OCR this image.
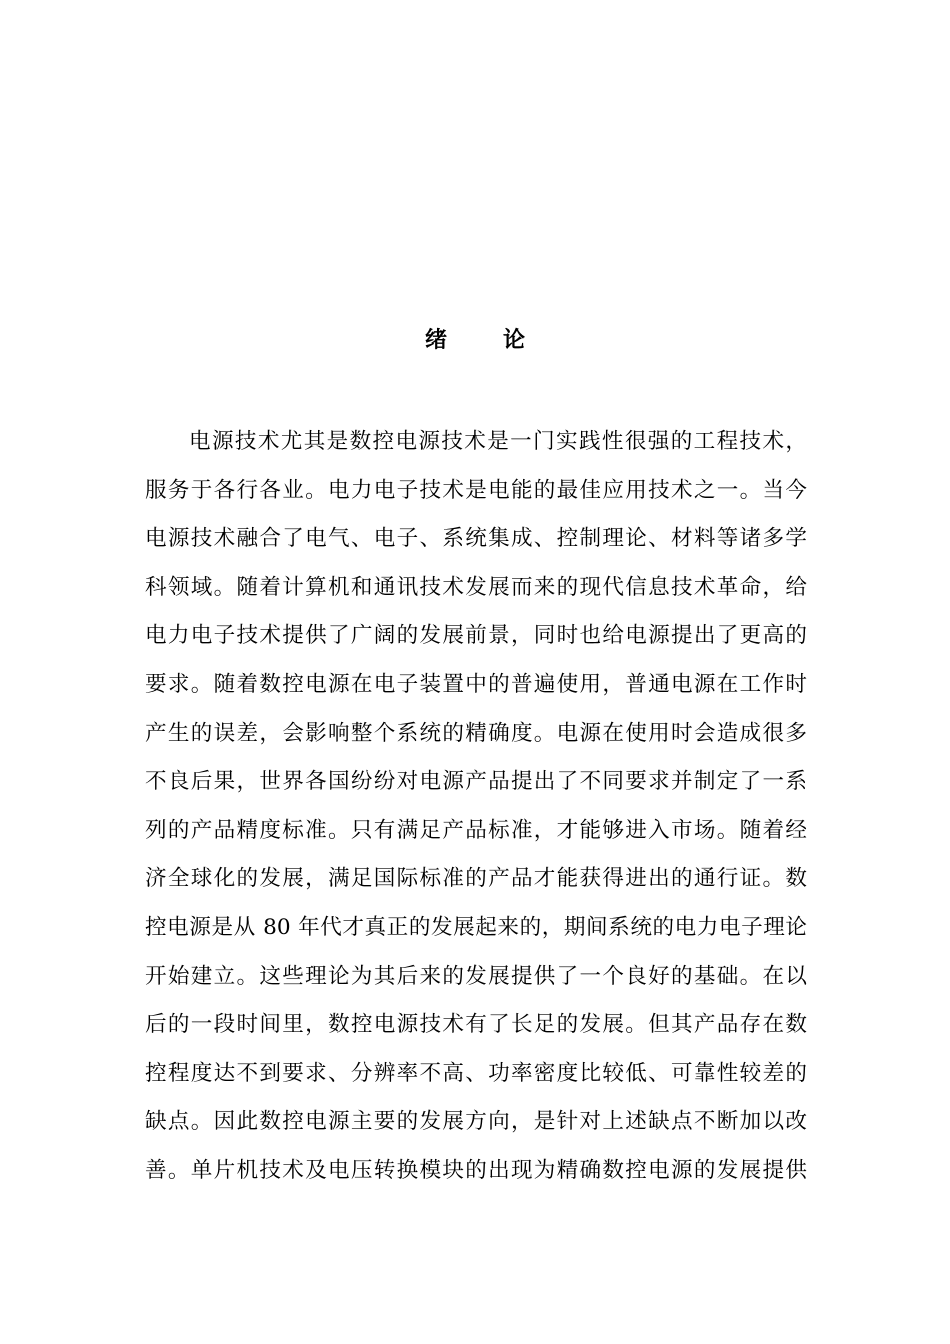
绪	论
电源技术尤其是数控电源技术是一门实践性很强的工程技术，
服务于各行各业。电力电子技术是电能的最佳应用技术之一。当今
电源技术融合了电气、电子、系统集成、控制理论、材料等诸多学
科领域。随着计算机和通讯技术发展而来的现代信息技术革命，给
电力电子技术提供了广阔的发展前景，同时也给电源提出了更高的
要求。随着数控电源在电子装置中的普遍使用，普通电源在工作时
产生的误差，会影响整个系统的精确度。电源在使用时会造成很多
不良后果，世界各国纷纷对电源产品提出了不同要求并制定了一系
列的产品精度标准。只有满足产品标准，才能够进入市场。随着经
济全球化的发展，满足国际标准的产品才能获得进出的通行证。数
控电源是从 80 年代才真正的发展起来的，期间系统的电力电子理论
开始建立。这些理论为其后来的发展提供了一个良好的基础。在以
后的一段时间里，数控电源技术有了长足的发展。但其产品存在数
控程度达不到要求、分辨率不高、功率密度比较低、可靠性较差的
缺点。因此数控电源主要的发展方向，是针对上述缺点不断加以改
善。单片机技术及电压转换模块的出现为精确数控电源的发展提供
